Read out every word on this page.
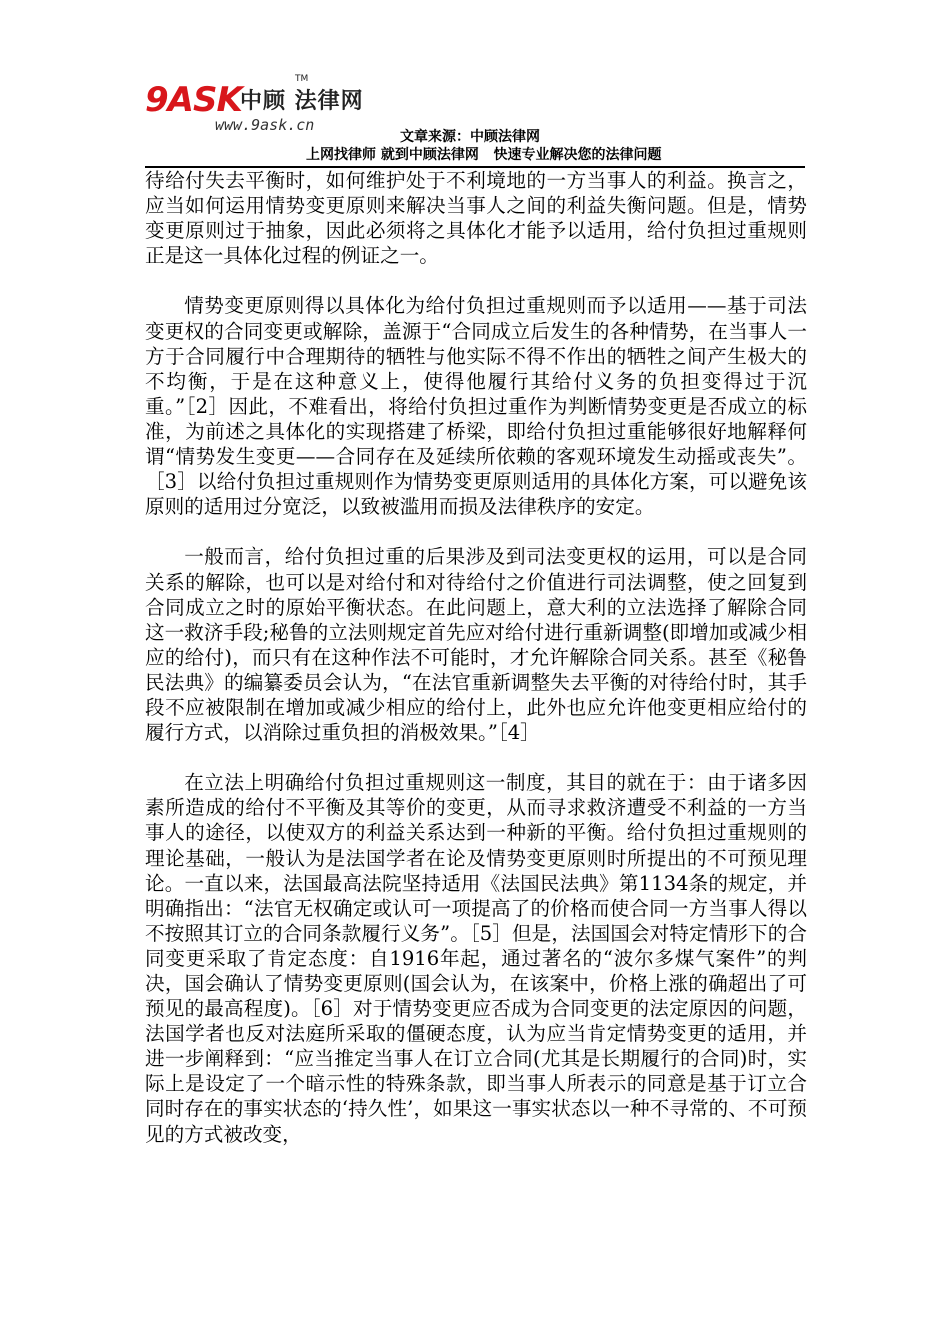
9ASK
中顾 法律网
TM
www.9ask.cn
文章来源：中顾法律网
上网找律师 就到中顾法律网   快速专业解决您的法律问题

待给付失去平衡时，如何维护处于不利境地的一方当事人的利益。换言之，应当如何运用情势变更原则来解决当事人之间的利益失衡问题。但是，情势变更原则过于抽象，因此必须将之具体化才能予以适用，给付负担过重规则正是这一具体化过程的例证之一。

情势变更原则得以具体化为给付负担过重规则而予以适用——基于司法变更权的合同变更或解除，盖源于“合同成立后发生的各种情势，在当事人一方于合同履行中合理期待的牺牲与他实际不得不作出的牺牲之间产生极大的不均衡，于是在这种意义上，使得他履行其给付义务的负担变得过于沉重。”［2］因此，不难看出，将给付负担过重作为判断情势变更是否成立的标准，为前述之具体化的实现搭建了桥梁，即给付负担过重能够很好地解释何谓“情势发生变更——合同存在及延续所依赖的客观环境发生动摇或丧失”。［3］以给付负担过重规则作为情势变更原则适用的具体化方案，可以避免该原则的适用过分宽泛，以致被滥用而损及法律秩序的安定。

一般而言，给付负担过重的后果涉及到司法变更权的运用，可以是合同关系的解除，也可以是对给付和对待给付之价值进行司法调整，使之回复到合同成立之时的原始平衡状态。在此问题上，意大利的立法选择了解除合同这一救济手段;秘鲁的立法则规定首先应对给付进行重新调整(即增加或减少相应的给付)，而只有在这种作法不可能时，才允许解除合同关系。甚至《秘鲁民法典》的编纂委员会认为，“在法官重新调整失去平衡的对待给付时，其手段不应被限制在增加或减少相应的给付上，此外也应允许他变更相应给付的履行方式，以消除过重负担的消极效果。”［4］

在立法上明确给付负担过重规则这一制度，其目的就在于：由于诸多因素所造成的给付不平衡及其等价的变更，从而寻求救济遭受不利益的一方当事人的途径，以使双方的利益关系达到一种新的平衡。给付负担过重规则的理论基础，一般认为是法国学者在论及情势变更原则时所提出的不可预见理论。一直以来，法国最高法院坚持适用《法国民法典》第1134条的规定，并明确指出：“法官无权确定或认可一项提高了的价格而使合同一方当事人得以不按照其订立的合同条款履行义务”。［5］但是，法国国会对特定情形下的合同变更采取了肯定态度：自1916年起，通过著名的“波尔多煤气案件”的判决，国会确认了情势变更原则(国会认为，在该案中，价格上涨的确超出了可预见的最高程度)。［6］对于情势变更应否成为合同变更的法定原因的问题，法国学者也反对法庭所采取的僵硬态度，认为应当肯定情势变更的适用，并进一步阐释到：“应当推定当事人在订立合同(尤其是长期履行的合同)时，实际上是设定了一个暗示性的特殊条款，即当事人所表示的同意是基于订立合同时存在的事实状态的‘持久性’，如果这一事实状态以一种不寻常的、不可预见的方式被改变，
